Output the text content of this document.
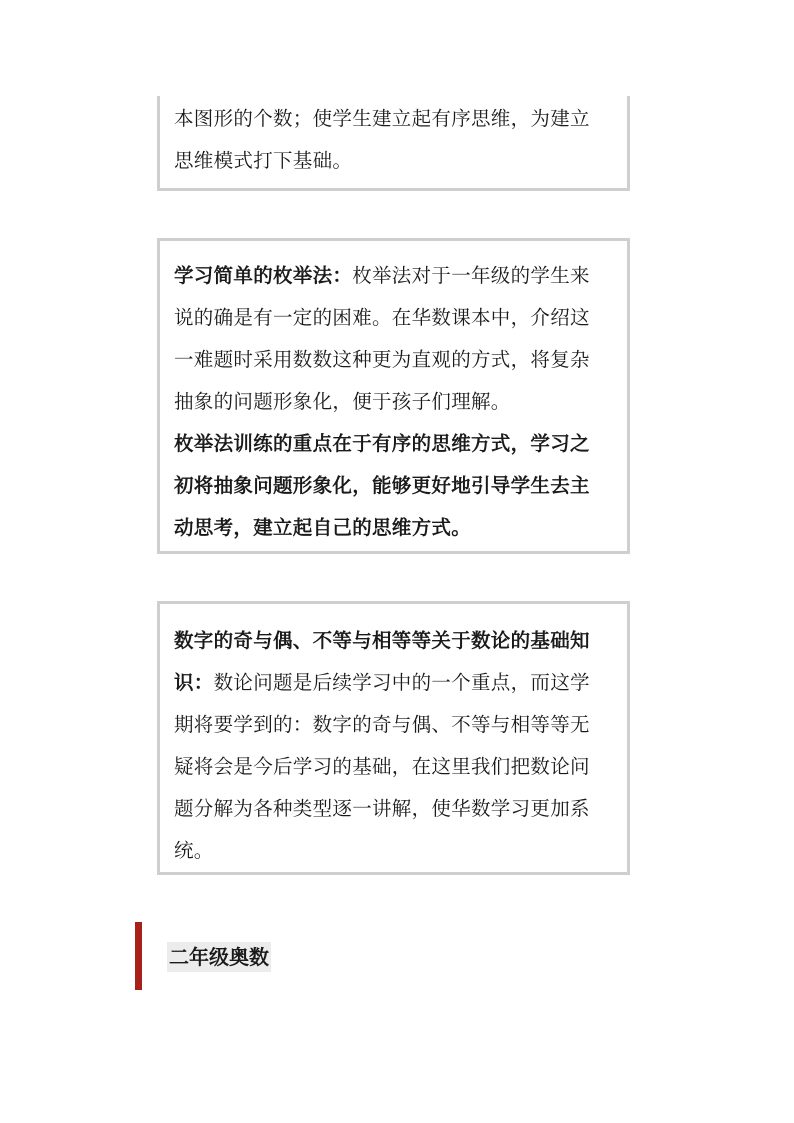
本图形的个数；使学生建立起有序思维，为建立
思维模式打下基础。
学习简单的枚举法：枚举法对于一年级的学生来
说的确是有一定的困难。在华数课本中，介绍这
一难题时采用数数这种更为直观的方式，将复杂
抽象的问题形象化，便于孩子们理解。
枚举法训练的重点在于有序的思维方式，学习之
初将抽象问题形象化，能够更好地引导学生去主
动思考，建立起自己的思维方式。
数字的奇与偶、不等与相等等关于数论的基础知
识：数论问题是后续学习中的一个重点，而这学
期将要学到的：数字的奇与偶、不等与相等等无
疑将会是今后学习的基础，在这里我们把数论问
题分解为各种类型逐一讲解，使华数学习更加系
统。
二年级奥数
